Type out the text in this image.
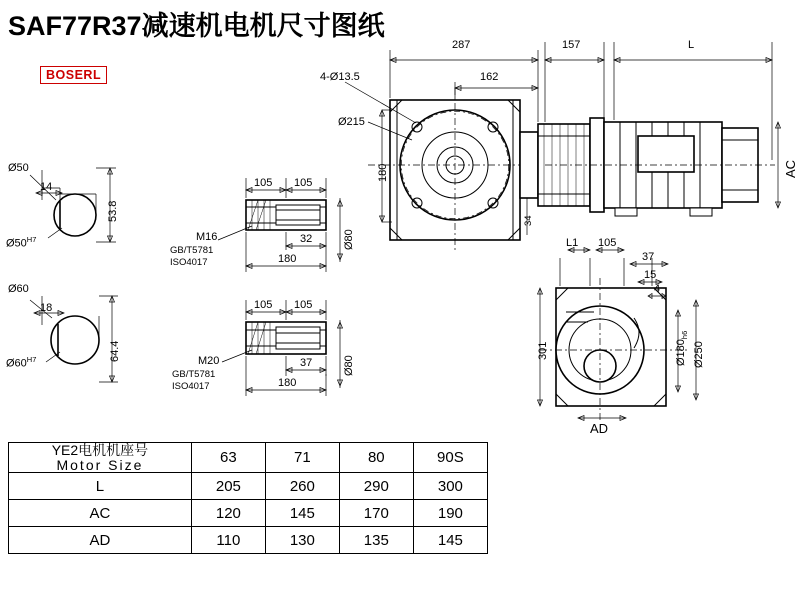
SAF77R37减速机电机尺寸图纸
BOSERL
287
162
157	L
4-Ø13.5
Ø215
180
34
AC
Ø50
14
53.8
$Ø50^{H7}$
Ø60
18
64.4
$Ø60^{H7}$
105 105
32
180
Ø80
M16
GB/T5781
ISO4017
105 105
37
180
Ø80
M20
GB/T5781
ISO4017
L1 105
37
15
4
301	$Ø180_{h6}$
Ø250
AD
YE2电机机座号
Motor Size	63	71	80	90S
L	205	260	290	300
AC	120	145	170	190
AD	110	130	135	145
